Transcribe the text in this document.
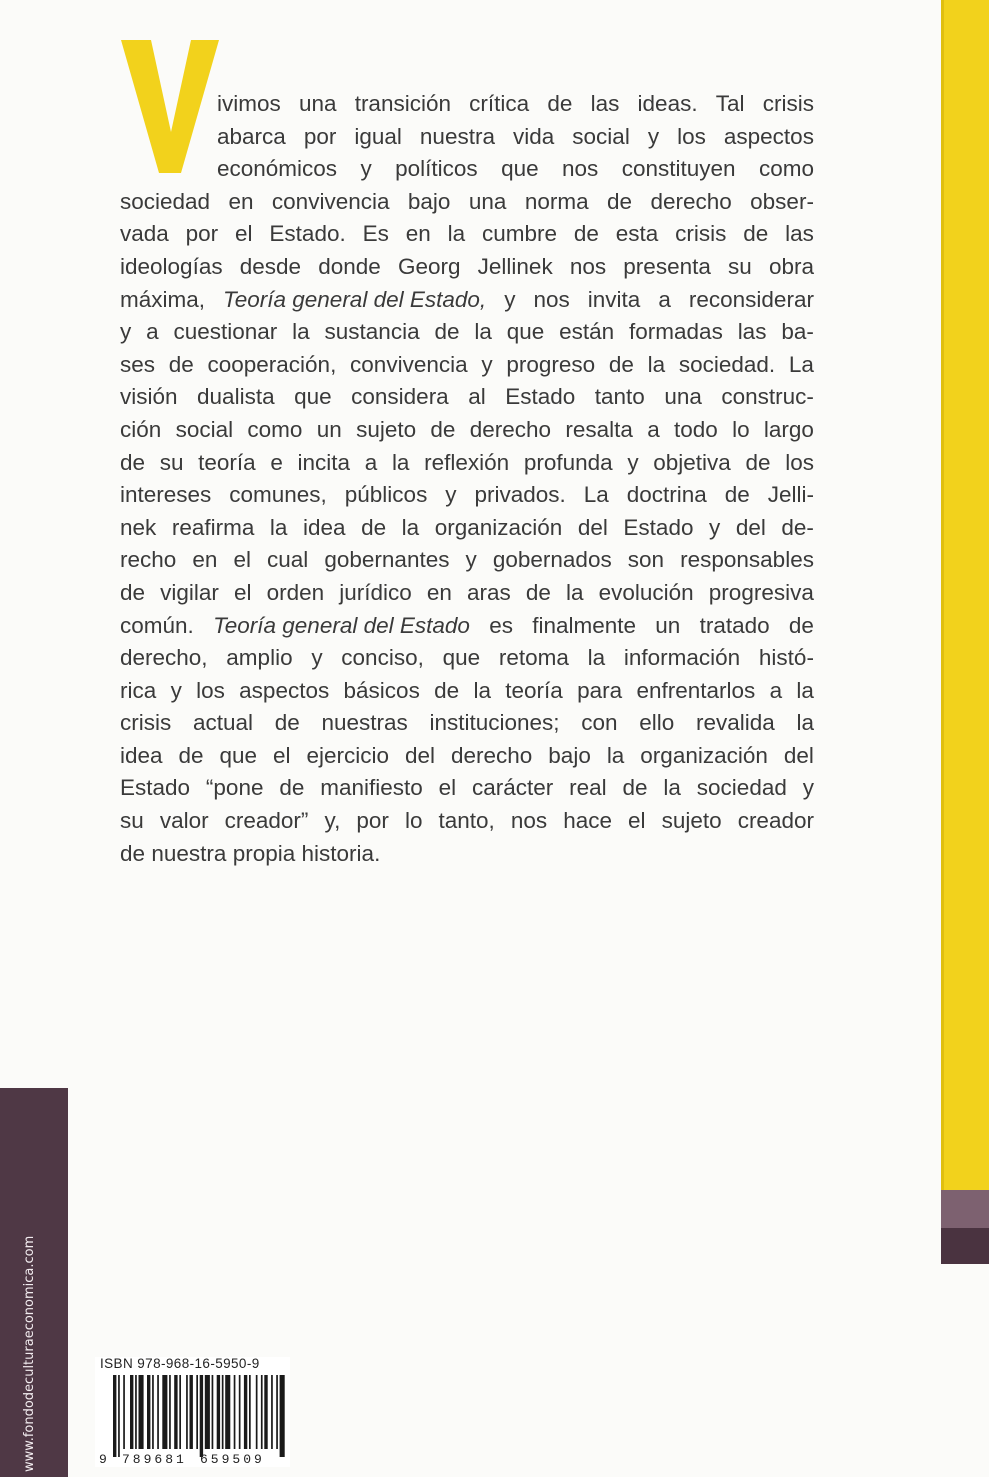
www.fondodeculturaeconomica.com
ivimos una transición crítica de las ideas. Tal crisis
abarca por igual nuestra vida social y los aspectos
económicos y políticos que nos constituyen como
sociedad en convivencia bajo una norma de derecho obser-
vada por el Estado. Es en la cumbre de esta crisis de las
ideologías desde donde Georg Jellinek nos presenta su obra
máxima, Teoría general del Estado, y nos invita a reconsiderar
y a cuestionar la sustancia de la que están formadas las ba-
ses de cooperación, convivencia y progreso de la sociedad. La
visión dualista que considera al Estado tanto una construc-
ción social como un sujeto de derecho resalta a todo lo largo
de su teoría e incita a la reflexión profunda y objetiva de los
intereses comunes, públicos y privados. La doctrina de Jelli-
nek reafirma la idea de la organización del Estado y del de-
recho en el cual gobernantes y gobernados son responsables
de vigilar el orden jurídico en aras de la evolución progresiva
común. Teoría general del Estado es finalmente un tratado de
derecho, amplio y conciso, que retoma la información histó-
rica y los aspectos básicos de la teoría para enfrentarlos a la
crisis actual de nuestras instituciones; con ello revalida la
idea de que el ejercicio del derecho bajo la organización del
Estado “pone de manifiesto el carácter real de la sociedad y
su valor creador” y, por lo tanto, nos hace el sujeto creador
de nuestra propia historia.
ISBN 978-968-16-5950-9
9 789681 659509
